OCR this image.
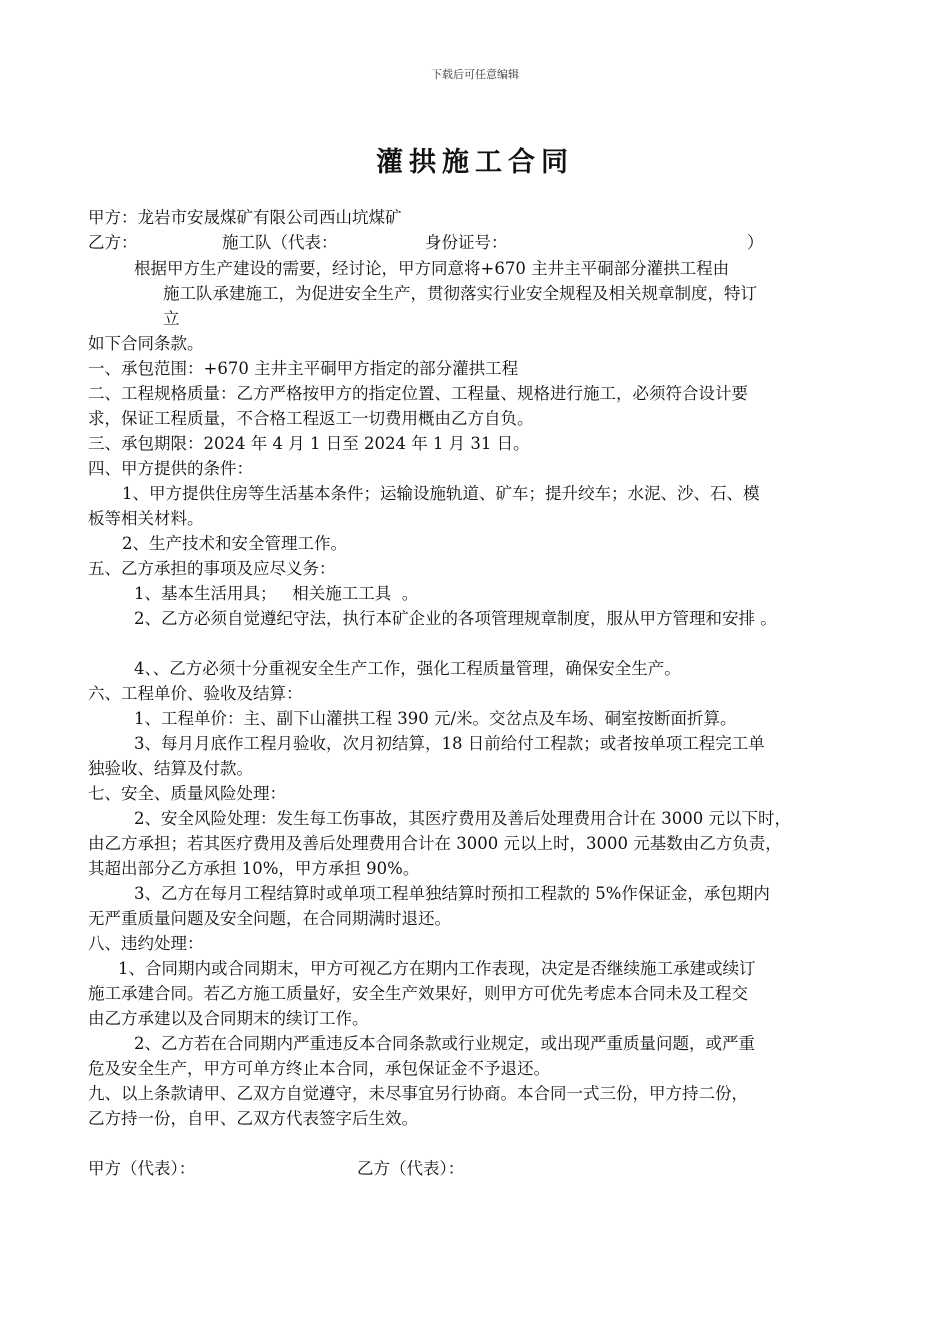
下载后可任意编辑
灌拱施工合同
甲方：龙岩市安晟煤矿有限公司西山坑煤矿
乙方：	施工队（代表：	身份证号：	）
根据甲方生产建设的需要，经讨论，甲方同意将+670 主井主平硐部分灌拱工程由
施工队承建施工，为促进安全生产，贯彻落实行业安全规程及相关规章制度，特订
立
如下合同条款。
一、承包范围：+670 主井主平硐甲方指定的部分灌拱工程
二、工程规格质量：乙方严格按甲方的指定位置、工程量、规格进行施工，必须符合设计要
求，保证工程质量，不合格工程返工一切费用概由乙方自负。
三、承包期限：2024 年 4 月 1 日至 2024 年 1 月 31 日。
四、甲方提供的条件：
1、甲方提供住房等生活基本条件；运输设施轨道、矿车；提升绞车；水泥、沙、石、模
板等相关材料。
2、生产技术和安全管理工作。
五、乙方承担的事项及应尽义务：
1、基本生活用具；   相关施工工具  。
2、乙方必须自觉遵纪守法，执行本矿企业的各项管理规章制度，服从甲方管理和安排 。
4、、乙方必须十分重视安全生产工作，强化工程质量管理，确保安全生产。
六、工程单价、验收及结算：
1、工程单价：主、副下山灌拱工程 390 元/米。交岔点及车场、硐室按断面折算。
3、每月月底作工程月验收，次月初结算，18 日前给付工程款；或者按单项工程完工单
独验收、结算及付款。
七、安全、质量风险处理：
2、安全风险处理：发生每工伤事故，其医疗费用及善后处理费用合计在 3000 元以下时，
由乙方承担；若其医疗费用及善后处理费用合计在 3000 元以上时，3000 元基数由乙方负责，
其超出部分乙方承担 10%，甲方承担 90%。
3、乙方在每月工程结算时或单项工程单独结算时预扣工程款的 5%作保证金，承包期内
无严重质量问题及安全问题，在合同期满时退还。
八、违约处理：
1、合同期内或合同期末，甲方可视乙方在期内工作表现，决定是否继续施工承建或续订
施工承建合同。若乙方施工质量好，安全生产效果好，则甲方可优先考虑本合同未及工程交
由乙方承建以及合同期末的续订工作。
2、乙方若在合同期内严重违反本合同条款或行业规定，或出现严重质量问题，或严重
危及安全生产，甲方可单方终止本合同，承包保证金不予退还。
九、以上条款请甲、乙双方自觉遵守，未尽事宜另行协商。本合同一式三份，甲方持二份，
乙方持一份，自甲、乙双方代表签字后生效。
甲方（代表）：	乙方（代表）：
